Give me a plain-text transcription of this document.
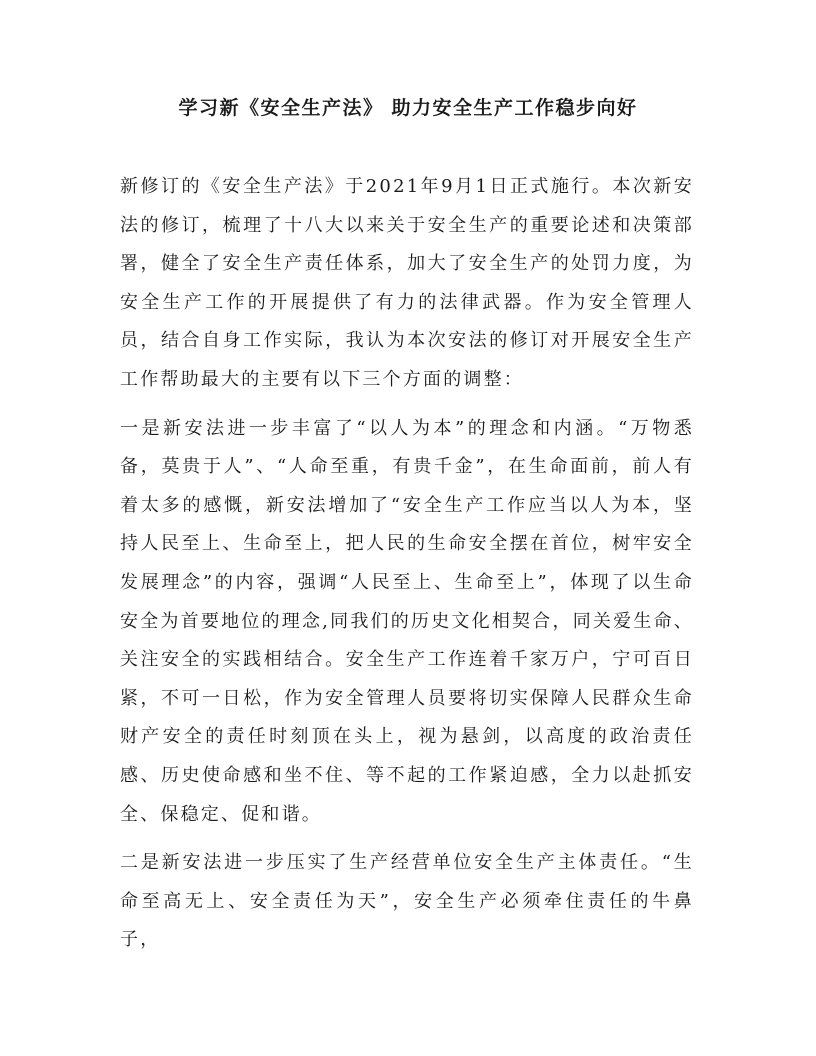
学习新《安全生产法》 助力安全生产工作稳步向好

新修订的《安全生产法》于2021年9月1日正式施行。本次新安法的修订，梳理了十八大以来关于安全生产的重要论述和决策部署，健全了安全生产责任体系，加大了安全生产的处罚力度，为安全生产工作的开展提供了有力的法律武器。作为安全管理人员，结合自身工作实际，我认为本次安法的修订对开展安全生产工作帮助最大的主要有以下三个方面的调整：

一是新安法进一步丰富了“以人为本”的理念和内涵。“万物悉备，莫贵于人”、“人命至重，有贵千金”，在生命面前，前人有着太多的感慨，新安法增加了“安全生产工作应当以人为本，坚持人民至上、生命至上，把人民的生命安全摆在首位，树牢安全发展理念”的内容，强调“人民至上、生命至上”，体现了以生命安全为首要地位的理念,同我们的历史文化相契合，同关爱生命、关注安全的实践相结合。安全生产工作连着千家万户，宁可百日紧，不可一日松，作为安全管理人员要将切实保障人民群众生命财产安全的责任时刻顶在头上，视为悬剑，以高度的政治责任感、历史使命感和坐不住、等不起的工作紧迫感，全力以赴抓安全、保稳定、促和谐。

二是新安法进一步压实了生产经营单位安全生产主体责任。“生命至高无上、安全责任为天”，安全生产必须牵住责任的牛鼻子，
